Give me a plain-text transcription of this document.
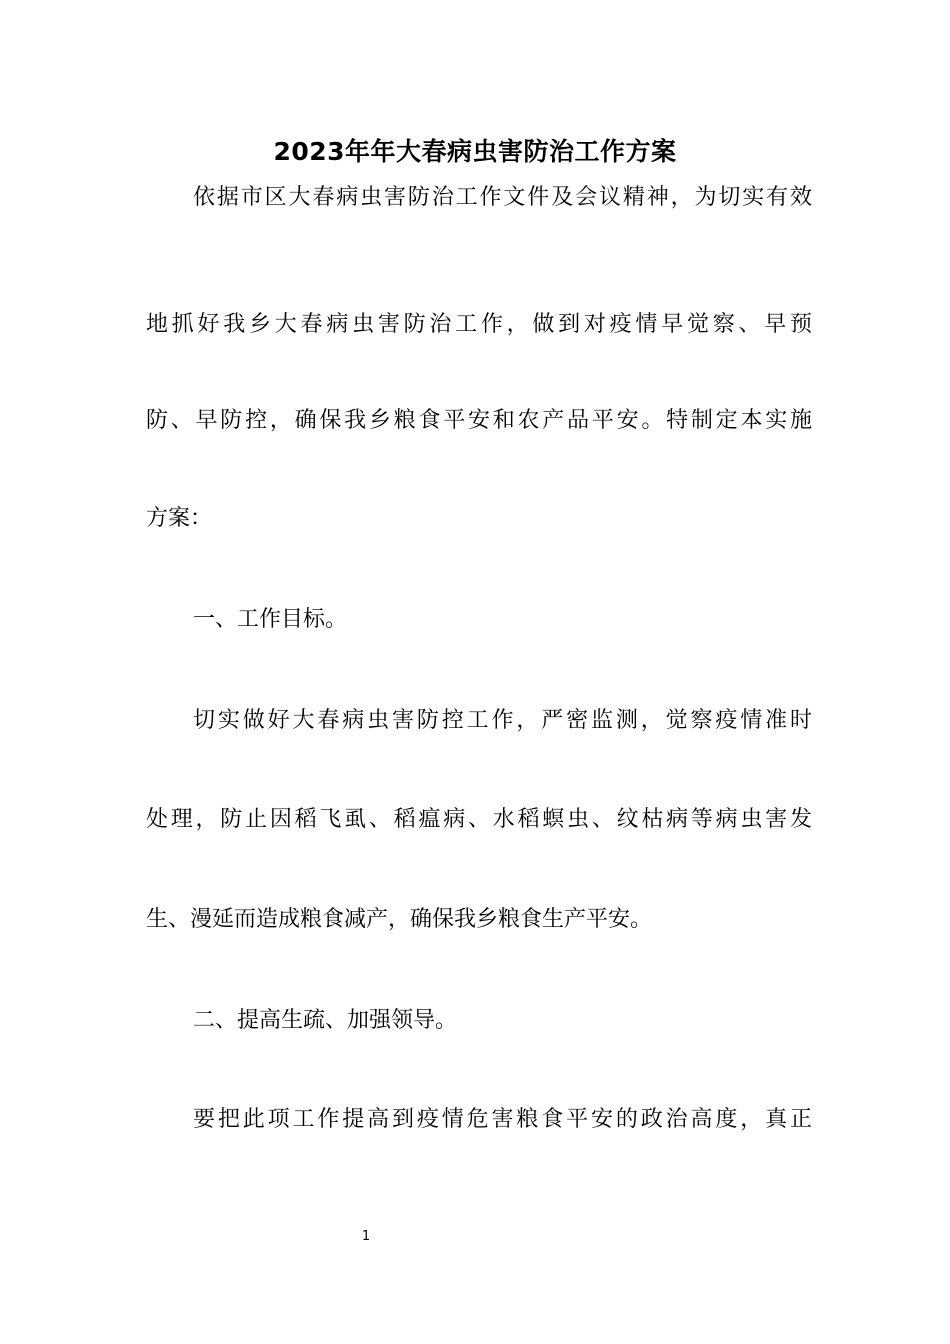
2023年年大春病虫害防治工作方案
依据市区大春病虫害防治工作文件及会议精神，为切实有效
地抓好我乡大春病虫害防治工作，做到对疫情早觉察、早预
防、早防控，确保我乡粮食平安和农产品平安。特制定本实施
方案：
一、工作目标。
切实做好大春病虫害防控工作，严密监测，觉察疫情准时
处理，防止因稻飞虱、稻瘟病、水稻螟虫、纹枯病等病虫害发
生、漫延而造成粮食减产，确保我乡粮食生产平安。
二、提高生疏、加强领导。
要把此项工作提高到疫情危害粮食平安的政治高度，真正
1
